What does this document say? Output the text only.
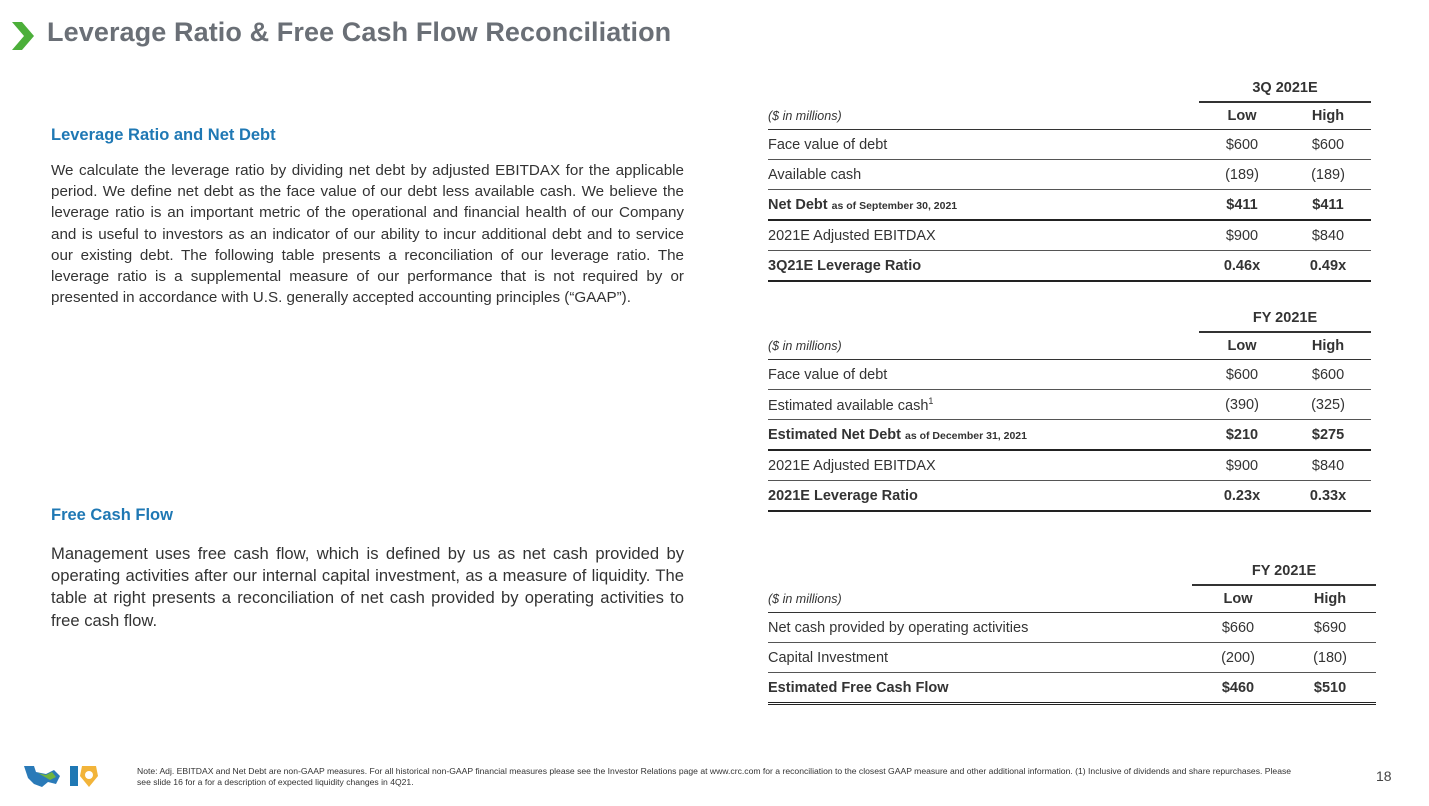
Leverage Ratio & Free Cash Flow Reconciliation
Leverage Ratio and Net Debt

We calculate the leverage ratio by dividing net debt by adjusted EBITDAX for the applicable period. We define net debt as the face value of our debt less available cash. We believe the leverage ratio is an important metric of the operational and financial health of our Company and is useful to investors as an indicator of our ability to incur additional debt and to service our existing debt. The following table presents a reconciliation of our leverage ratio. The leverage ratio is a supplemental measure of our performance that is not required by or presented in accordance with U.S. generally accepted accounting principles (“GAAP”).

Free Cash Flow

Management uses free cash flow, which is defined by us as net cash provided by operating activities after our internal capital investment, as a measure of liquidity. The table at right presents a reconciliation of net cash provided by operating activities to free cash flow.

	3Q 2021E	
($ in millions)	Low	High
Face value of debt	$600	$600
Available cash	(189)	(189)
Net Debt as of September 30, 2021	$411	$411
2021E Adjusted EBITDAX	$900	$840
3Q21E Leverage Ratio	0.46x	0.49x
	FY 2021E	
($ in millions)	Low	High
Face value of debt	$600	$600
Estimated available cash$^1$	(390)	(325)
Estimated Net Debt as of December 31, 2021	$210	$275
2021E Adjusted EBITDAX	$900	$840
2021E Leverage Ratio	0.23x	0.33x
	FY 2021E	
($ in millions)	Low	High
Net cash provided by operating activities	$660	$690
Capital Investment	(200)	(180)
Estimated Free Cash Flow	$460	$510

Note: Adj. EBITDAX and Net Debt are non-GAAP measures. For all historical non-GAAP financial measures please see the Investor Relations page at www.crc.com for a reconciliation to the closest GAAP measure and other additional information. (1) Inclusive of dividends and share repurchases. Please see slide 16 for a for a description of expected liquidity changes in 4Q21.	18
